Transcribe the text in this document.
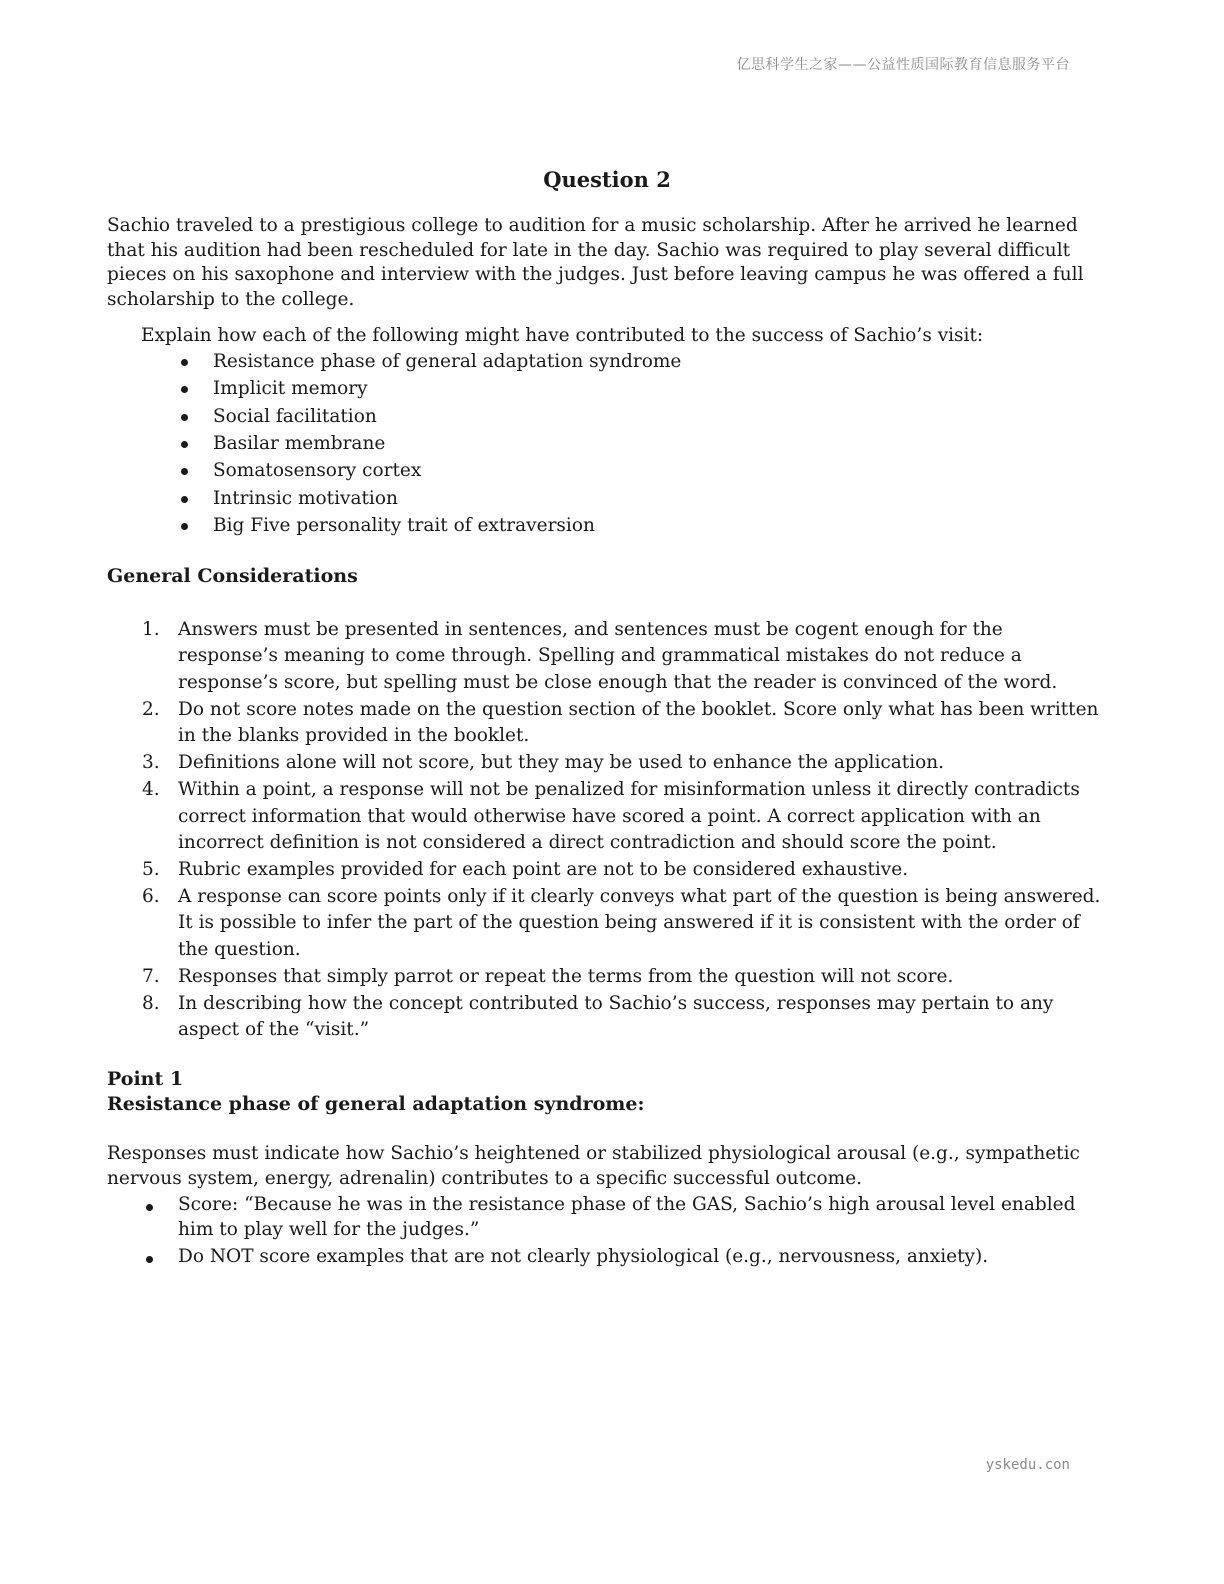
亿思科学生之家——公益性质国际教育信息服务平台
Question 2

Sachio traveled to a prestigious college to audition for a music scholarship. After he arrived he learned that his audition had been rescheduled for late in the day. Sachio was required to play several difficult pieces on his saxophone and interview with the judges. Just before leaving campus he was offered a full scholarship to the college.

Explain how each of the following might have contributed to the success of Sachio’s visit:

Resistance phase of general adaptation syndrome
Implicit memory
Social facilitation
Basilar membrane
Somatosensory cortex
Intrinsic motivation
Big Five personality trait of extraversion
General Considerations
1. Answers must be presented in sentences, and sentences must be cogent enough for the response’s meaning to come through. Spelling and grammatical mistakes do not reduce a response’s score, but spelling must be close enough that the reader is convinced of the word.
2. Do not score notes made on the question section of the booklet. Score only what has been written in the blanks provided in the booklet.
3. Definitions alone will not score, but they may be used to enhance the application.
4. Within a point, a response will not be penalized for misinformation unless it directly contradicts correct information that would otherwise have scored a point. A correct application with an incorrect definition is not considered a direct contradiction and should score the point.
5. Rubric examples provided for each point are not to be considered exhaustive.
6. A response can score points only if it clearly conveys what part of the question is being answered. It is possible to infer the part of the question being answered if it is consistent with the order of the question.
7. Responses that simply parrot or repeat the terms from the question will not score.
8. In describing how the concept contributed to Sachio’s success, responses may pertain to any aspect of the “visit.”
Point 1
Resistance phase of general adaptation syndrome:

Responses must indicate how Sachio’s heightened or stabilized physiological arousal (e.g., sympathetic nervous system, energy, adrenalin) contributes to a specific successful outcome.

Score: “Because he was in the resistance phase of the GAS, Sachio’s high arousal level enabled him to play well for the judges.”
Do NOT score examples that are not clearly physiological (e.g., nervousness, anxiety).
yskedu.con
